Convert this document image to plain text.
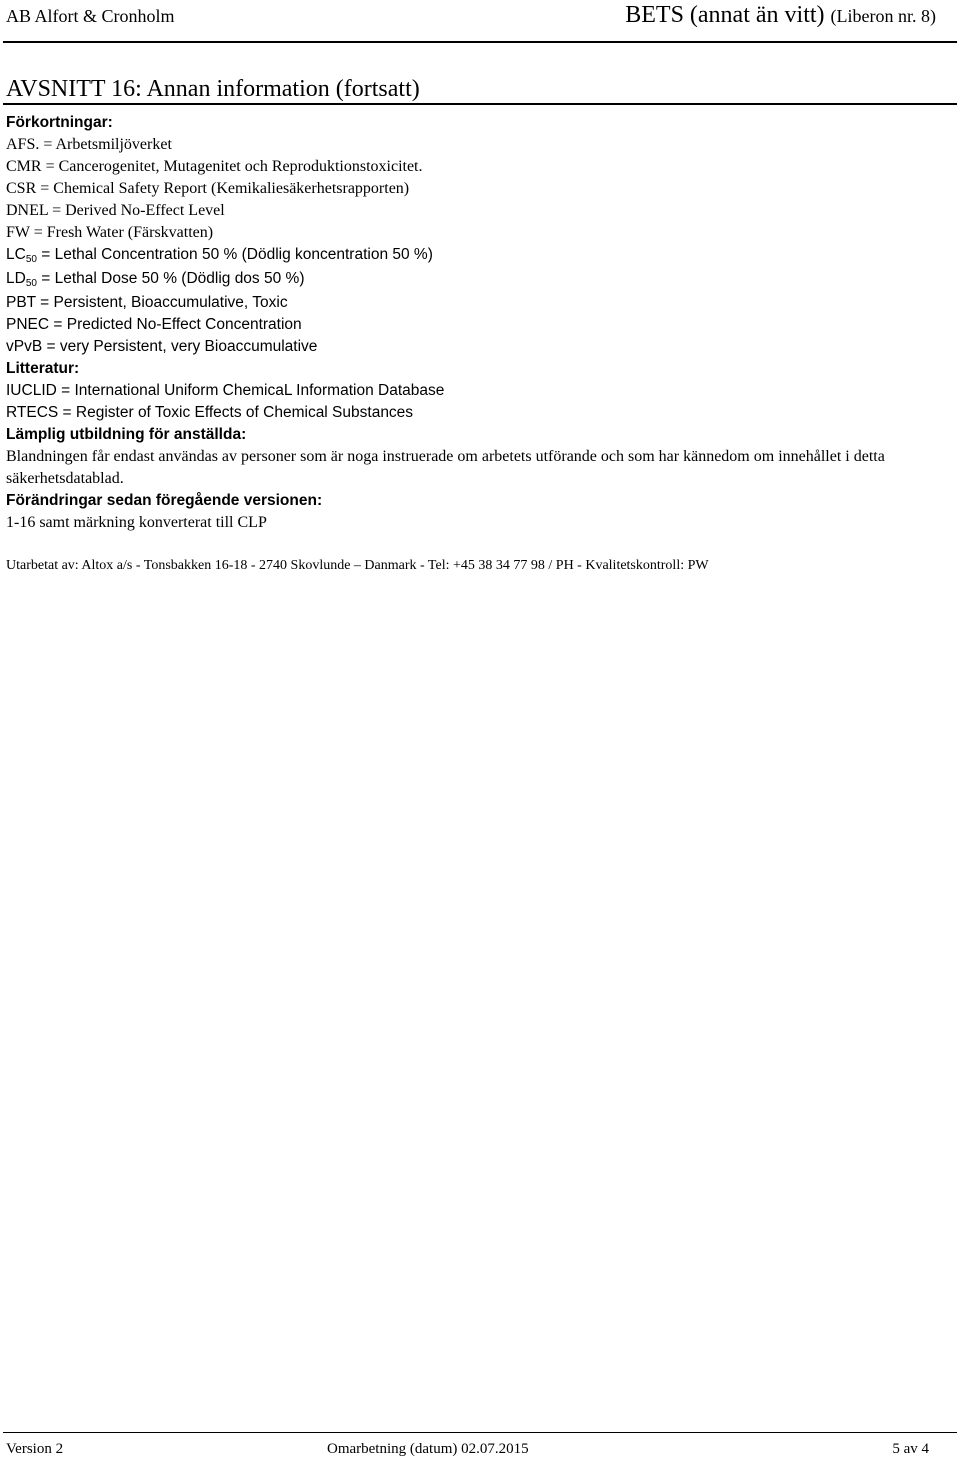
AB Alfort & Cronholm	BETS (annat än vitt) (Liberon nr. 8)
AVSNITT 16: Annan information (fortsatt)

Förkortningar:

AFS. = Arbetsmiljöverket

CMR = Cancerogenitet, Mutagenitet och Reproduktionstoxicitet.

CSR = Chemical Safety Report (Kemikaliesäkerhetsrapporten)

DNEL = Derived No-Effect Level

FW = Fresh Water (Färskvatten)

$LC_{50}$ = Lethal Concentration 50 % (Dödlig koncentration 50 %)

$LD_{50}$ = Lethal Dose 50 % (Dödlig dos 50 %)

PBT = Persistent, Bioaccumulative, Toxic

PNEC = Predicted No-Effect Concentration

vPvB = very Persistent, very Bioaccumulative

Litteratur:

IUCLID = International Uniform ChemicaL Information Database

RTECS = Register of Toxic Effects of Chemical Substances

Lämplig utbildning för anställda:

Blandningen får endast användas av personer som är noga instruerade om arbetets utförande och som har kännedom om innehållet i detta säkerhetsdatablad.

Förändringar sedan föregående versionen:

1-16 samt märkning konverterat till CLP

Utarbetat av: Altox a/s - Tonsbakken 16-18 - 2740 Skovlunde – Danmark - Tel: +45 38 34 77 98 / PH - Kvalitetskontroll: PW
Version 2	Omarbetning (datum) 02.07.2015	5 av 4
